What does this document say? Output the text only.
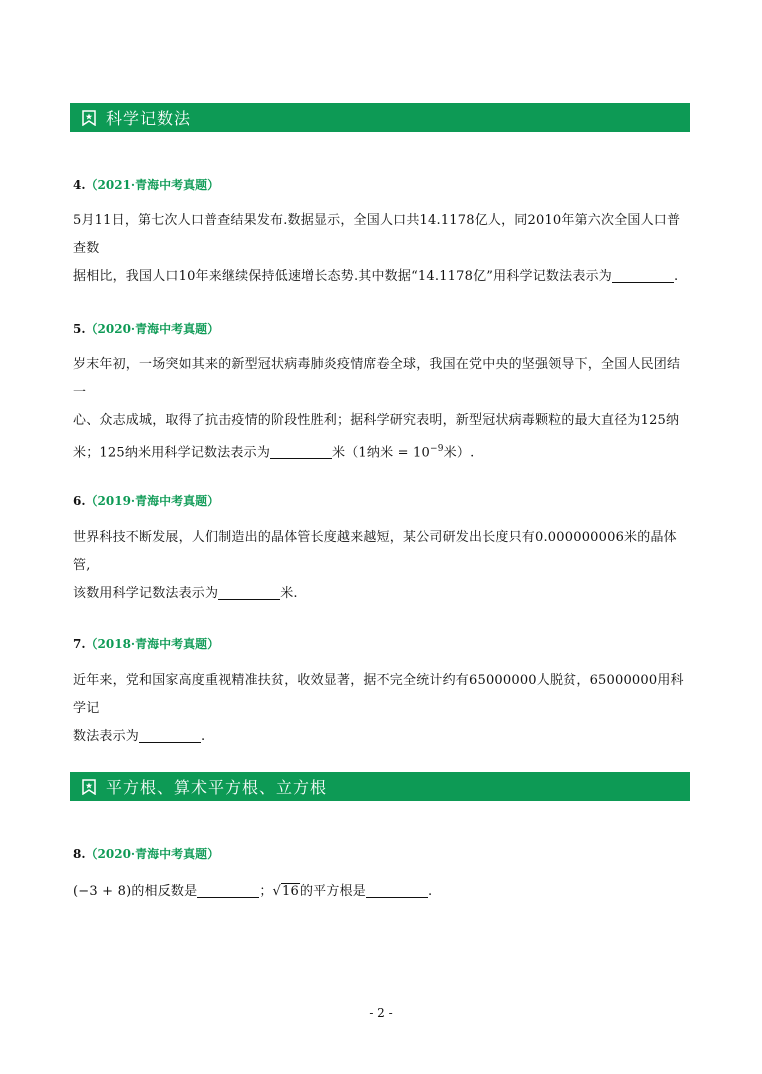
科学记数法
4.（2021·青海中考真题）
5月11日，第七次人口普查结果发布.数据显示，全国人口共14.1178亿人，同2010年第六次全国人口普查数
据相比，我国人口10年来继续保持低速增长态势.其中数据“14.1178亿”用科学记数法表示为	.
5.（2020·青海中考真题）
岁末年初，一场突如其来的新型冠状病毒肺炎疫情席卷全球，我国在党中央的坚强领导下，全国人民团结一
心、众志成城，取得了抗击疫情的阶段性胜利；据科学研究表明，新型冠状病毒颗粒的最大直径为125纳
米；125纳米用科学记数法表示为	米（1纳米 = $10^{-9}$米）.
6.（2019·青海中考真题）
世界科技不断发展，人们制造出的晶体管长度越来越短，某公司研发出长度只有0.000000006米的晶体管,
该数用科学记数法表示为	米.
7.（2018·青海中考真题）
近年来，党和国家高度重视精准扶贫，收效显著，据不完全统计约有65000000人脱贫，65000000用科学记
数法表示为	.
平方根、算术平方根、立方根
8.（2020·青海中考真题）
(−3 + 8)的相反数是	；√16的平方根是	.
- 2 -
